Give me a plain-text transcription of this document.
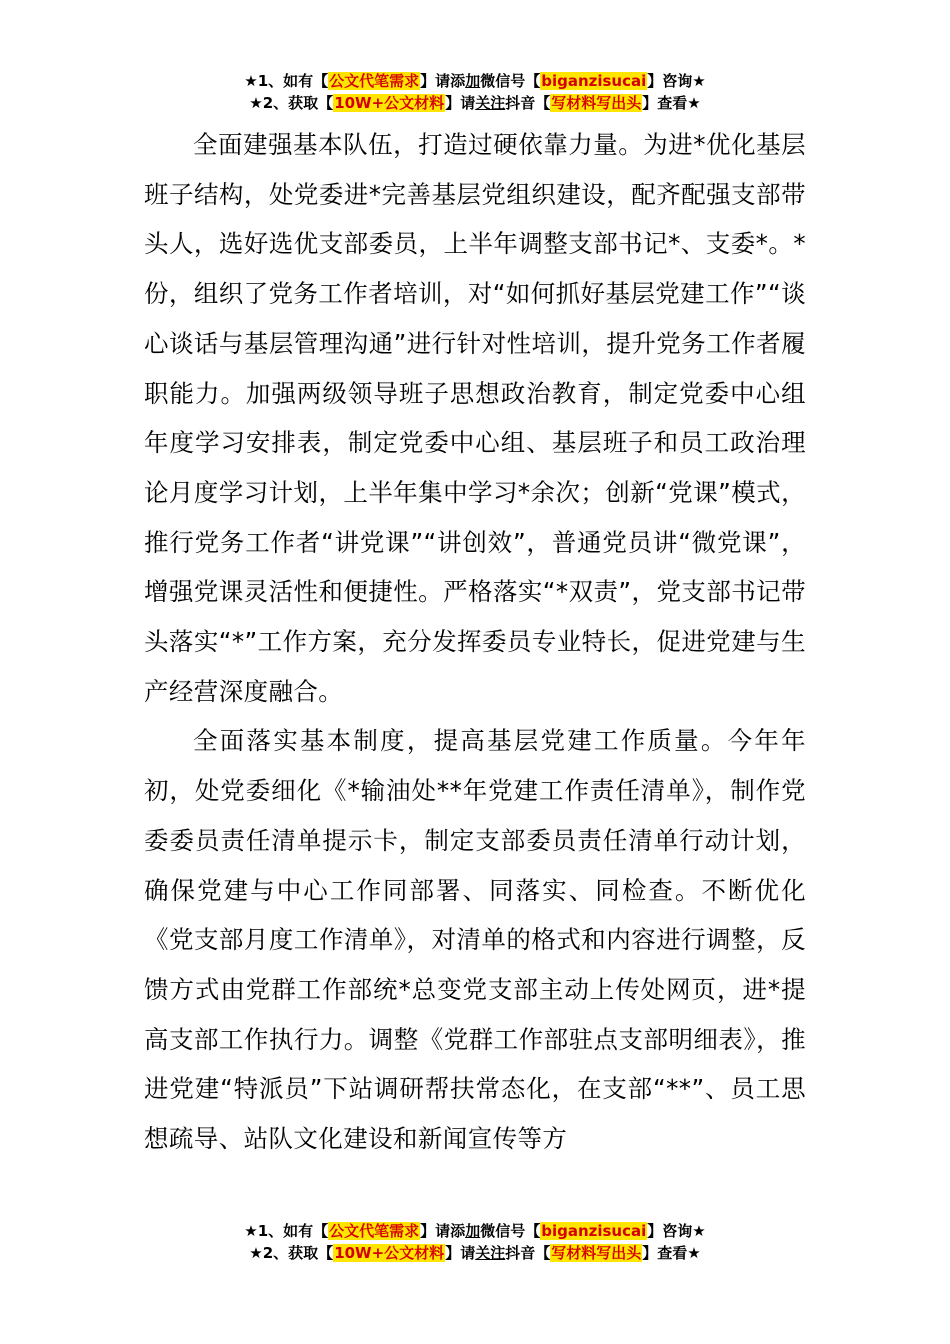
★1、如有【公文代笔需求】请添加微信号【biganzisucai】咨询★
★2、获取【10W+公文材料】请关注抖音【写材料写出头】查看★

全面建强基本队伍，打造过硬依靠力量。为进*优化基层班子结构，处党委进*完善基层党组织建设，配齐配强支部带头人，选好选优支部委员，上半年调整支部书记*、支委*。*份，组织了党务工作者培训，对“如何抓好基层党建工作”“谈心谈话与基层管理沟通”进行针对性培训，提升党务工作者履职能力。加强两级领导班子思想政治教育，制定党委中心组年度学习安排表，制定党委中心组、基层班子和员工政治理论月度学习计划，上半年集中学习*余次；创新“党课”模式，推行党务工作者“讲党课”“讲创效”，普通党员讲“微党课”，增强党课灵活性和便捷性。严格落实“*双责”，党支部书记带头落实“*”工作方案，充分发挥委员专业特长，促进党建与生产经营深度融合。

全面落实基本制度，提高基层党建工作质量。今年年初，处党委细化《*输油处**年党建工作责任清单》，制作党委委员责任清单提示卡，制定支部委员责任清单行动计划，确保党建与中心工作同部署、同落实、同检查。不断优化《党支部月度工作清单》，对清单的格式和内容进行调整，反馈方式由党群工作部统*总变党支部主动上传处网页，进*提高支部工作执行力。调整《党群工作部驻点支部明细表》，推进党建“特派员”下站调研帮扶常态化，在支部“**”、员工思想疏导、站队文化建设和新闻宣传等方

★1、如有【公文代笔需求】请添加微信号【biganzisucai】咨询★
★2、获取【10W+公文材料】请关注抖音【写材料写出头】查看★
